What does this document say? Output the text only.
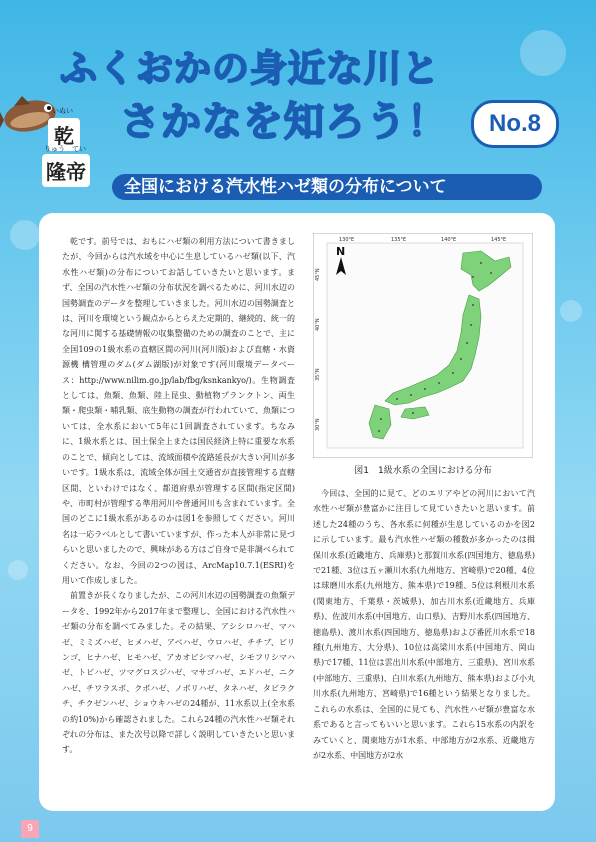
ふくおかの身近な川と
さかなを知ろう！	No.8
いぬい
乾
りゅう てい
隆帝
全国における汽水性ハゼ類の分布について

乾です。前号では、おもにハゼ類の利用方法について書きましたが、今回からは汽水域を中心に生息しているハゼ類(以下、汽水性ハゼ類)の分布についてお話していきたいと思います。まず、全国の汽水性ハゼ類の分布状況を調べるために、河川水辺の国勢調査のデータを整理していきました。河川水辺の国勢調査とは、河川を環境という観点からとらえた定期的、継続的、統一的な河川に関する基礎情報の収集整備のための調査のことで、主に全国109の1級水系の直轄区間の河川(河川版)および直轄・水資源機 構管理のダム(ダム湖版)が対象です(河川環境データベース：http://www.nilim.go.jp/lab/fbg/ksnkankyo/)。生物調査としては、魚類、魚類、陸上昆虫、動植物プランクトン、両生類・爬虫類・哺乳類、底生動物の調査が行われていて、魚類については、全水系において5年に1回調査されています。ちなみに、1級水系とは、国土保全上または国民経済上特に重要な水系のことで、傾向としては、流域面積や流路延長が大きい河川が多いです。1級水系は、流域全体が国土交通省が直接管理する直轄区間、といわけではなく、都道府県が管理する区間(指定区間)や、市町村が管理する準用河川や普通河川も含まれています。全国のどこに1級水系があるのかは図1を参照してください。河川名は一応ラベルとして書いていますが、作った本人が非常に見づらいと思いましたので、興味がある方はご自身で是非調べられてください。なお、今回の2つの図は、ArcMap10.7.1(ESRI)を用いて作成しました。

前置きが長くなりましたが、この河川水辺の国勢調査の魚類データを、1992年から2017年まで整理し、全国における汽水性ハゼ類の分布を調べてみました。その結果、アシシロハゼ、マハゼ、ミミズハゼ、ヒメハゼ、アベハゼ、ウロハゼ、チチブ、ビリンゴ、ヒナハゼ、ヒモハゼ、アカオビシマハゼ、シモフリシマハゼ、トビハゼ、ツマグロスジハゼ、マサゴハゼ、エドハゼ、ニクハゼ、チワラスボ、クボハゼ、ノボリハゼ、タネハゼ、タビラクチ、チクゼンハゼ、ショウキハゼの24種が、11水系以上(全水系の約10%)から確認されました。これら24種の汽水性ハゼ類それぞれの分布は、また次号以降で詳しく説明していきたいと思います。

130°E	135°E	140°E	145°E
45°N
40°N
35°N
30°N
N
図1　1級水系の全国における分布

今回は、全国的に見て、どのエリアやどの河川において汽水性ハゼ類が豊富かに注目して見ていきたいと思います。前述した24種のうち、各水系に何種が生息しているのかを図2に示しています。最も汽水性ハゼ類の種数が多かったのは揖保川水系(近畿地方、兵庫県)と那賀川水系(四国地方、徳島県)で21種、3位は五ヶ瀬川水系(九州地方、宮崎県)で20種、4位は球磨川水系(九州地方、熊本県)で19種、5位は利根川水系(関東地方、千葉県・茨城県)、加古川水系(近畿地方、兵庫県)、佐波川水系(中国地方、山口県)、吉野川水系(四国地方、徳島県)、渡川水系(四国地方、徳島県)および番匠川水系で18種(九州地方、大分県)、10位は高梁川水系(中国地方、岡山県)で17種、11位は雲出川水系(中部地方、三重県)、宮川水系(中部地方、三重県)、白川水系(九州地方、熊本県)および小丸川水系(九州地方、宮崎県)で16種という結果となりました。これらの水系は、全国的に見ても、汽水性ハゼ類が豊富な水系であると言ってもいいと思います。これら15水系の内訳をみていくと、関東地方が1水系、中部地方が2水系、近畿地方が2水系、中国地方が2水

9
